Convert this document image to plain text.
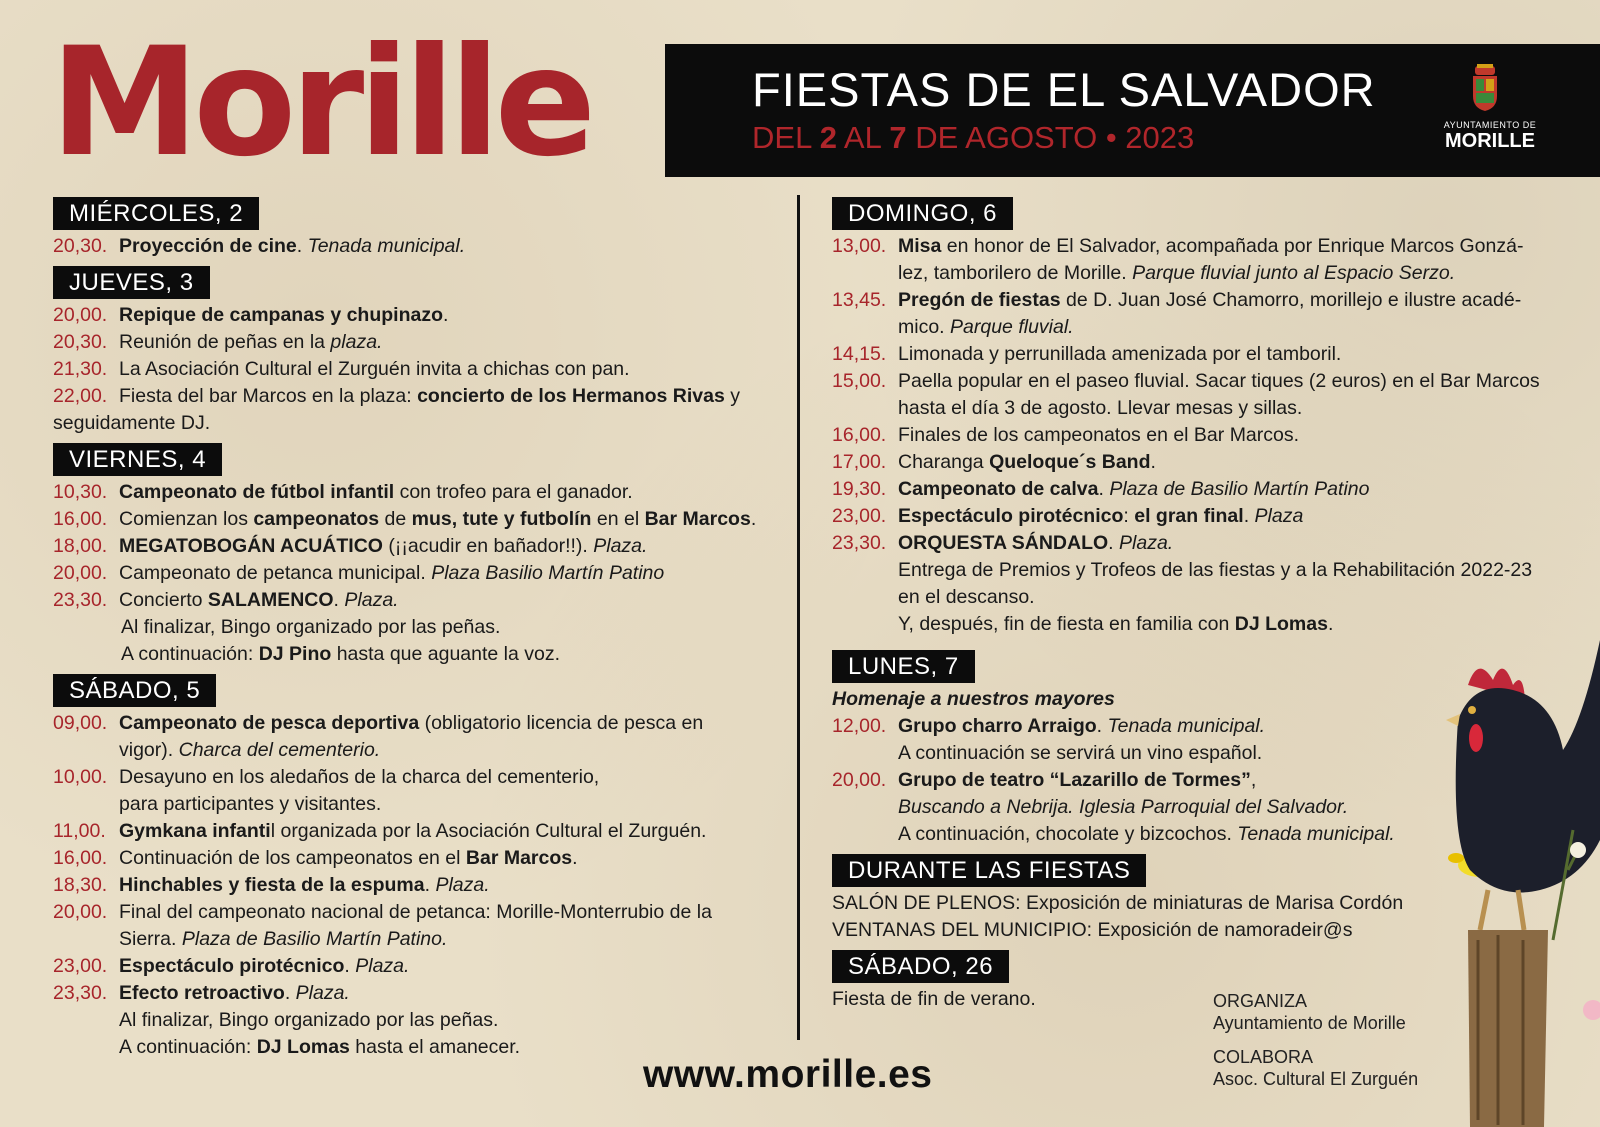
Morille	FIESTAS DE EL SALVADOR
DEL 2 AL 7 DE AGOSTO • 2023	AYUNTAMIENTO DE
MORILLE
MIÉRCOLES, 2
20,30. Proyección de cine. Tenada municipal.
JUEVES, 3
20,00. Repique de campanas y chupinazo.
20,30. Reunión de peñas en la plaza.
21,30. La Asociación Cultural el Zurguén invita a chichas con pan.
22,00. Fiesta del bar Marcos en la plaza: concierto de los Hermanos Rivas y
seguidamente DJ.
VIERNES, 4
10,30. Campeonato de fútbol infantil con trofeo para el ganador.
16,00. Comienzan los campeonatos de mus, tute y futbolín en el Bar Marcos.
18,00. MEGATOBOGÁN ACUÁTICO (¡¡acudir en bañador!!). Plaza.
20,00. Campeonato de petanca municipal. Plaza Basilio Martín Patino
23,30. Concierto SALAMENCO. Plaza.
Al finalizar, Bingo organizado por las peñas.
A continuación: DJ Pino hasta que aguante la voz.
SÁBADO, 5
09,00. Campeonato de pesca deportiva (obligatorio licencia de pesca en
vigor). Charca del cementerio.
10,00. Desayuno en los aledaños de la charca del cementerio,
para participantes y visitantes.
11,00. Gymkana infantil organizada por la Asociación Cultural el Zurguén.
16,00. Continuación de los campeonatos en el Bar Marcos.
18,30. Hinchables y fiesta de la espuma. Plaza.
20,00. Final del campeonato nacional de petanca: Morille-Monterrubio de la
Sierra. Plaza de Basilio Martín Patino.
23,00. Espectáculo pirotécnico. Plaza.
23,30. Efecto retroactivo. Plaza.
Al finalizar, Bingo organizado por las peñas.
A continuación: DJ Lomas hasta el amanecer.
DOMINGO, 6
13,00. Misa en honor de El Salvador, acompañada por Enrique Marcos Gonzá-
lez, tamborilero de Morille. Parque fluvial junto al Espacio Serzo.
13,45. Pregón de fiestas de D. Juan José Chamorro, morillejo e ilustre acadé-
mico. Parque fluvial.
14,15. Limonada y perrunillada amenizada por el tamboril.
15,00. Paella popular en el paseo fluvial. Sacar tiques (2 euros) en el Bar Marcos
hasta el día 3 de agosto. Llevar mesas y sillas.
16,00. Finales de los campeonatos en el Bar Marcos.
17,00. Charanga Queloque´s Band.
19,30. Campeonato de calva. Plaza de Basilio Martín Patino
23,00. Espectáculo pirotécnico: el gran final. Plaza
23,30. ORQUESTA SÁNDALO. Plaza.
Entrega de Premios y Trofeos de las fiestas y a la Rehabilitación 2022-23
en el descanso.
Y, después, fin de fiesta en familia con DJ Lomas.
LUNES, 7
Homenaje a nuestros mayores
12,00. Grupo charro Arraigo. Tenada municipal.
A continuación se servirá un vino español.
20,00. Grupo de teatro “Lazarillo de Tormes”,
Buscando a Nebrija. Iglesia Parroquial del Salvador.
A continuación, chocolate y bizcochos. Tenada municipal.
DURANTE LAS FIESTAS
SALÓN DE PLENOS: Exposición de miniaturas de Marisa Cordón
VENTANAS DEL MUNICIPIO: Exposición de namoradeir@s
SÁBADO, 26
Fiesta de fin de verano.
www.morille.es
ORGANIZA
Ayuntamiento de Morille
COLABORA
Asoc. Cultural El Zurguén
